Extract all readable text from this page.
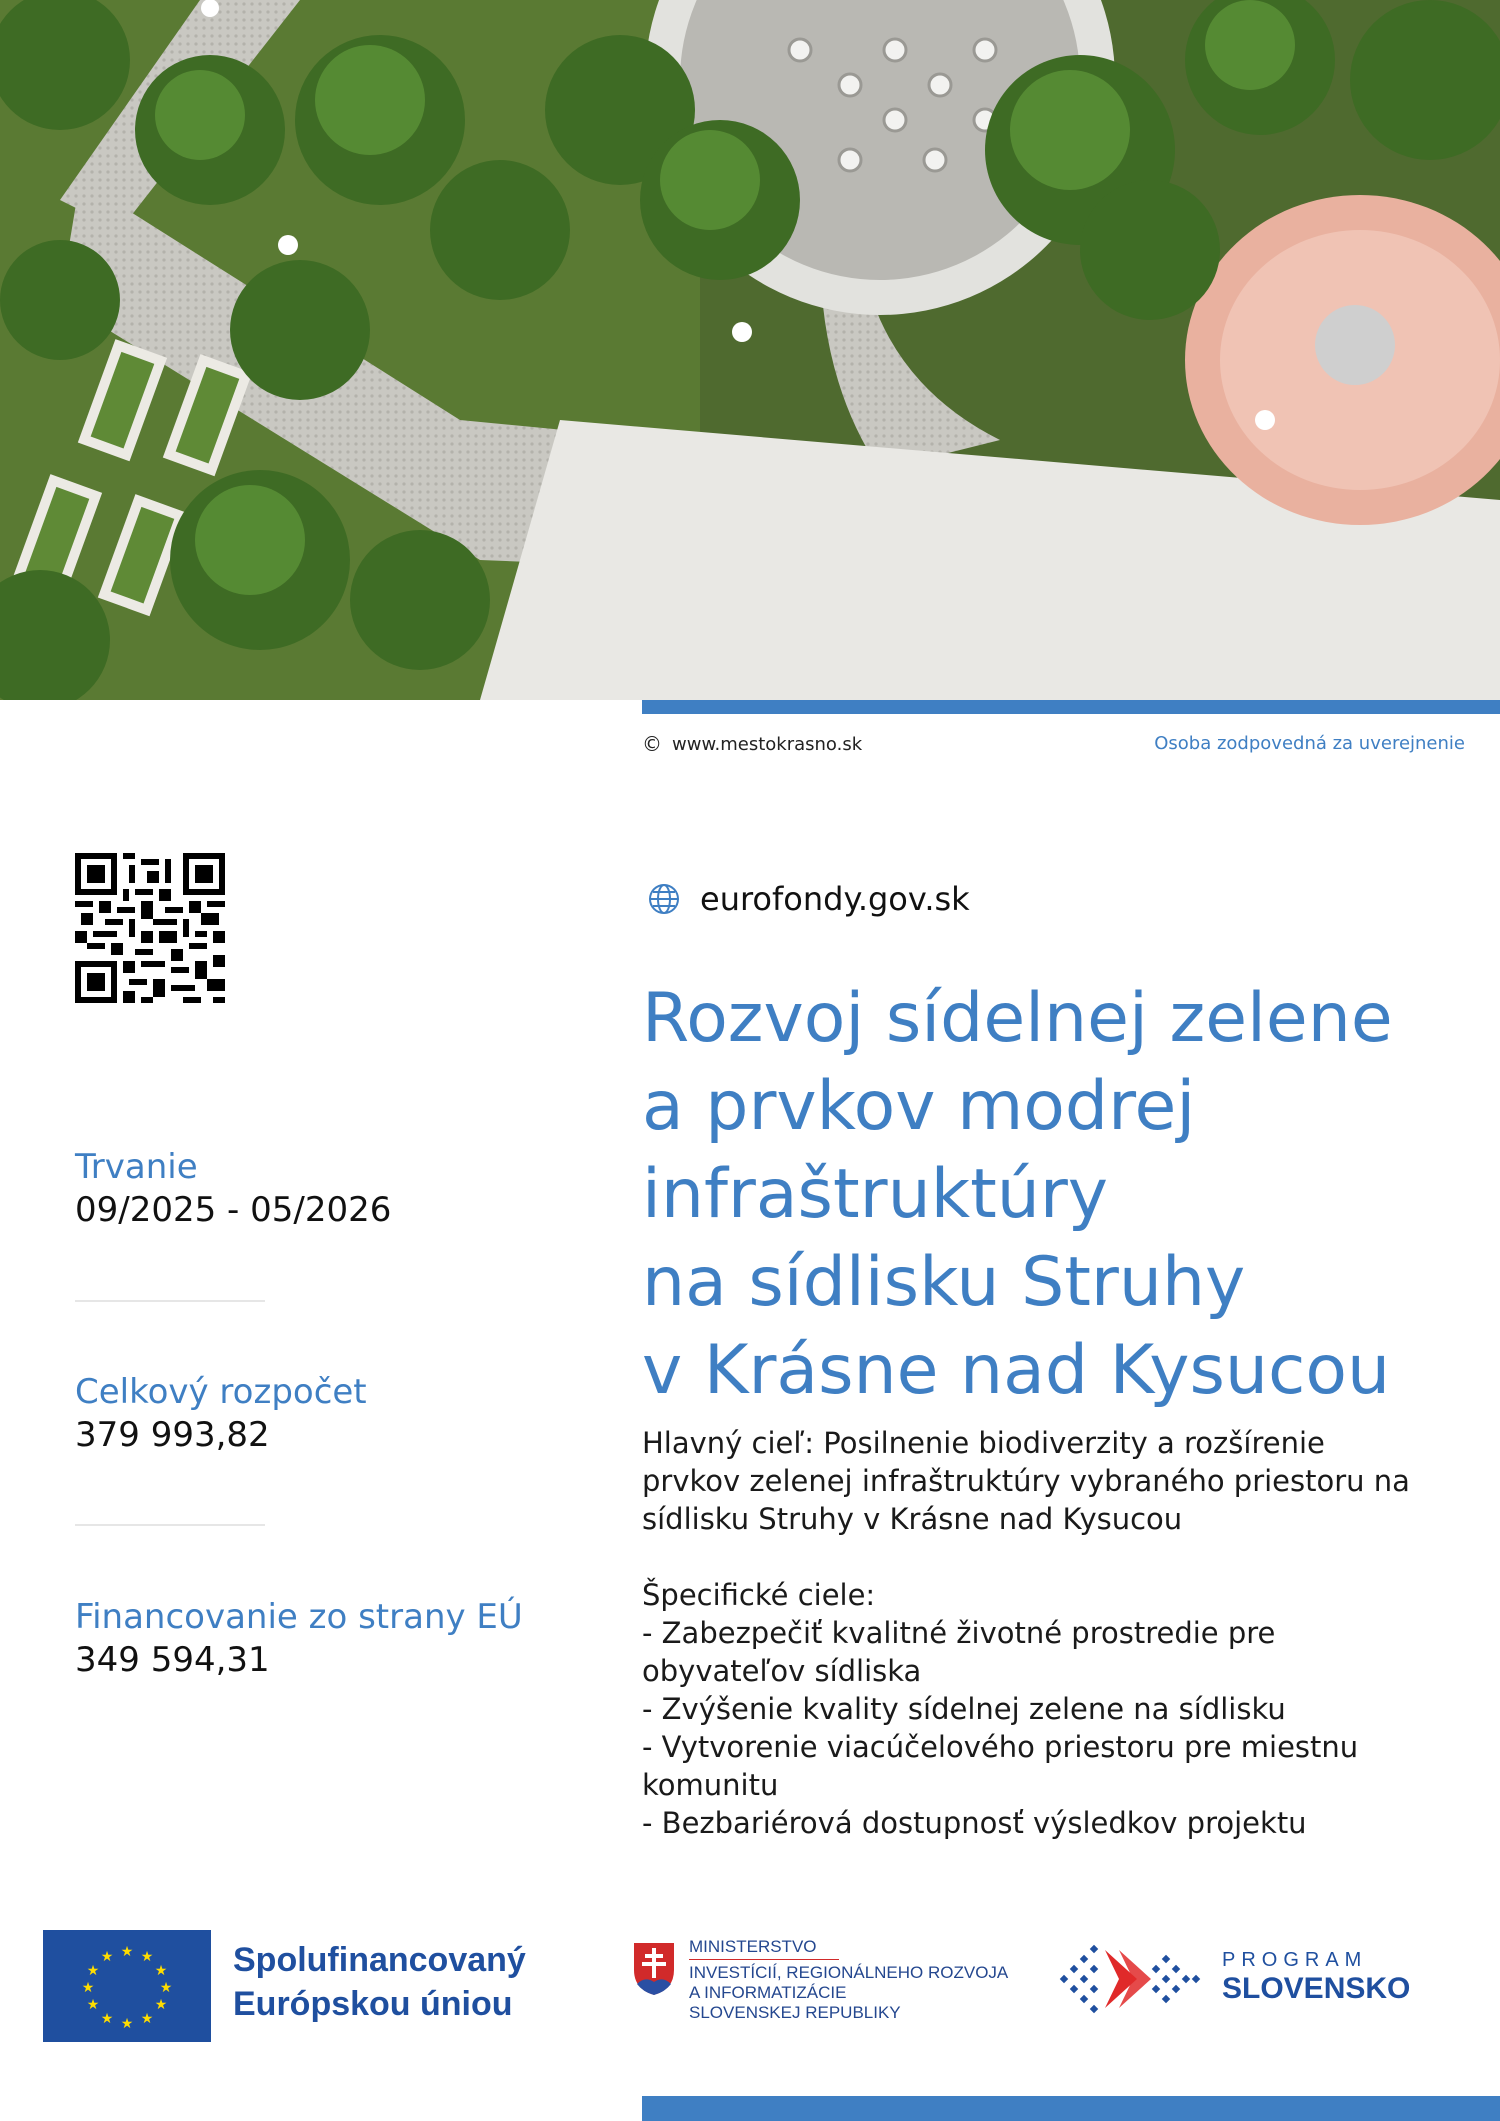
© www.mestokrasno.sk	Osoba zodpovedná za uverejnenie
Trvanie
09/2025 - 05/2026
Celkový rozpočet
379 993,82
Financovanie zo strany EÚ
349 594,31
eurofondy.gov.sk
Rozvoj sídelnej zelene
a prvkov modrej
infraštruktúry
na sídlisku Struhy
v Krásne nad Kysucou

Hlavný cieľ: Posilnenie biodiverzity a rozšírenie

prvkov zelenej infraštruktúry vybraného priestoru na

sídlisku Struhy v Krásne nad Kysucou

Špecifické ciele:

- Zabezpečiť kvalitné životné prostredie pre

obyvateľov sídliska

- Zvýšenie kvality sídelnej zelene na sídlisku

- Vytvorenie viacúčelového priestoru pre miestnu

komunitu

- Bezbariérová dostupnosť výsledkov projektu

★ ★
★
★
★
★
★
★
★
★
★
★	Spolufinancovaný
Európskou úniou
MINISTERSTVO
INVESTÍCIÍ, REGIONÁLNEHO ROZVOJA
A INFORMATIZÁCIE
SLOVENSKEJ REPUBLIKY
PROGRAM
SLOVENSKO
